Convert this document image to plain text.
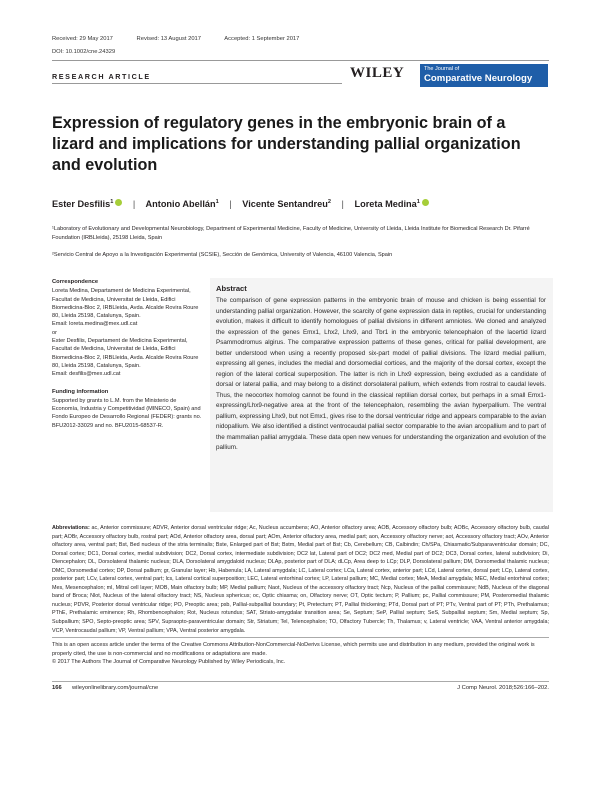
Received: 29 May 2017	Revised: 13 August 2017	Accepted: 1 September 2017
DOI: 10.1002/cne.24329
RESEARCH ARTICLE	WILEY	The Journal of
Comparative Neurology
Expression of regulatory genes in the embryonic brain of a lizard and implications for understanding pallial organization and evolution
Ester Desfilis$^1$ | Antonio Abellán$^1$ | Vicente Sentandreu$^2$ | Loreta Medina$^1$
¹Laboratory of Evolutionary and Developmental Neurobiology, Department of Experimental Medicine, Faculty of Medicine, University of Lleida, Lleida Institute for Biomedical Research Dr. Pifarré Foundation (IRBLleida), 25198 Lleida, Spain
²Servicio Central de Apoyo a la Investigación Experimental (SCSIE), Sección de Genómica, University of Valencia, 46100 Valencia, Spain
Correspondence
Loreta Medina, Departament de Medicina Experimental, Facultat de Medicina, Universitat de Lleida, Edifici Biomedicina-Bloc 2, IRBLleida, Avda. Alcalde Rovira Roure 80, Lleida 25198, Catalunya, Spain.
Email: loreta.medina@mex.udl.cat
or
Ester Desfilis, Departament de Medicina Experimental, Facultat de Medicina, Universitat de Lleida, Edifici Biomedicina-Bloc 2, IRBLleida, Avda. Alcalde Rovira Roure 80, Lleida 25198, Catalunya, Spain.
Email: desfilis@mex.udl.cat
Funding information
Supported by grants to L.M. from the Ministerio de Economía, Industria y Competitividad (MINECO, Spain) and Fondo Europeo de Desarrollo Regional (FEDER): grants no. BFU2012-33029 and no. BFU2015-68537-R.
Abstract
The comparison of gene expression patterns in the embryonic brain of mouse and chicken is being essential for understanding pallial organization. However, the scarcity of gene expression data in reptiles, crucial for understanding evolution, makes it difficult to identify homologues of pallial divisions in different amniotes. We cloned and analyzed the expression of the genes Emx1, Lhx2, Lhx9, and Tbr1 in the embryonic telencephalon of the lacertid lizard Psammodromus algirus. The comparative expression patterns of these genes, critical for pallial development, are better understood when using a recently proposed six-part model of pallial divisions. The lizard medial pallium, expressing all genes, includes the medial and dorsomedial cortices, and the majority of the dorsal cortex, except the region of the lateral cortical superposition. The latter is rich in Lhx9 expression, being excluded as a candidate of dorsal or lateral pallia, and may belong to a distinct dorsolateral pallium, which extends from rostral to caudal levels. Thus, the neocortex homolog cannot be found in the classical reptilian dorsal cortex, but perhaps in a small Emx1-expressing/Lhx9-negative area at the front of the telencephalon, resembling the avian hyperpallium. The ventral pallium, expressing Lhx9, but not Emx1, gives rise to the dorsal ventricular ridge and appears comparable to the avian nidopallium. We also identified a distinct ventrocaudal pallial sector comparable to the avian arcopallium and to part of the mammalian pallial amygdala. These data open new venues for understanding the organization and evolution of the pallium.
Abbreviations: ac, Anterior commissure; ADVR, Anterior dorsal ventricular ridge; Ac, Nucleus accumbens; AO, Anterior olfactory area; AOB, Accessory olfactory bulb; AOBc, Accessory olfactory bulb, caudal part; AOBr, Accessory olfactory bulb, rostral part; AOd, Anterior olfactory area, dorsal part; AOm, Anterior olfactory area, medial part; aon, Accessory olfactory nerve; aot, Accessory olfactory tract; AOv, Anterior olfactory area, ventral part; Bst, Bed nucleus of the stria terminalis; Bste, Enlarged part of Bst; Bstm, Medial part of Bst; Cb, Cerebellum; CB, Calbindin; Ch/SPa, Chiasmatic/Subparaventricular domain; DC, Dorsal cortex; DC1, Dorsal cortex, medial subdivision; DC2, Dorsal cortex, intermediate subdivision; DC2 lat, Lateral part of DC2; DC2 med, Medial part of DC2; DC3, Dorsal cortex, lateral subdivision; Di, Diencephalon; DL, Dorsolateral thalamic nucleus; DLA, Dorsolateral amygdaloid nucleus; DLAp, posterior part of DLA; dLCp, Area deep to LCp; DLP, Dorsolateral pallium; DM, Dorsomedial thalamic nucleus; DMC, Dorsomedial cortex; DP, Dorsal pallium; gr, Granular layer; Hb, Habenula; LA, Lateral amygdala; LC, Lateral cortex; LCa, Lateral cortex, anterior part; LCd, Lateral cortex, dorsal part; LCp, Lateral cortex, posterior part; LCv, Lateral cortex, ventral part; lcs, Lateral cortical superposition; LEC, Lateral entorhinal cortex; LP, Lateral pallium; MC, Medial cortex; MeA, Medial amygdala; MEC, Medial entorhinal cortex; Mes, Mesencephalon; ml, Mitral cell layer; MOB, Main olfactory bulb; MP, Medial pallium; Naot, Nucleus of the accessory olfactory tract; Ncp, Nucleus of the pallial commissure; NdB, Nucleus of the diagonal band of Broca; Nlot, Nucleus of the lateral olfactory tract; NS, Nucleus sphericus; oc, Optic chiasma; on, Olfactory nerve; OT, Optic tectum; P, Pallium; pc, Pallial commissure; PM, Posteromedial thalamic nucleus; PDVR, Posterior dorsal ventricular ridge; PO, Preoptic area; psb, Pallial-subpallial boundary; Pt, Pretectum; PT, Pallial thickening; PTd, Dorsal part of PT; PTv, Ventral part of PT; PTh, Prethalamus; PThE, Prethalamic eminence; Rh, Rhombencephalon; Rot, Nucleus rotundus; SAT, Striato-amygdalar transition area; Se, Septum; SeP, Pallial septum; SeS, Subpallial septum; Sm, Medial septum; Sp, Subpallium; SPO, Septo-preoptic area; SPV, Supraopto-paraventricular domain; Str, Striatum; Tel, Telencephalon; TO, Olfactory Tubercle; Th, Thalamus; v, Lateral ventricle; VAA, Ventral anterior amygdala; VCP, Ventrocaudal pallium; VP, Ventral pallium; VPA, Ventral posterior amygdala.
This is an open access article under the terms of the Creative Commons Attribution-NonCommercial-NoDerivs License, which permits use and distribution in any medium, provided the original work is properly cited, the use is non-commercial and no modifications or adaptations are made.
© 2017 The Authors The Journal of Comparative Neurology Published by Wiley Periodicals, Inc.
166 wileyonlinelibrary.com/journal/cne	J Comp Neurol. 2018;526:166–202.
